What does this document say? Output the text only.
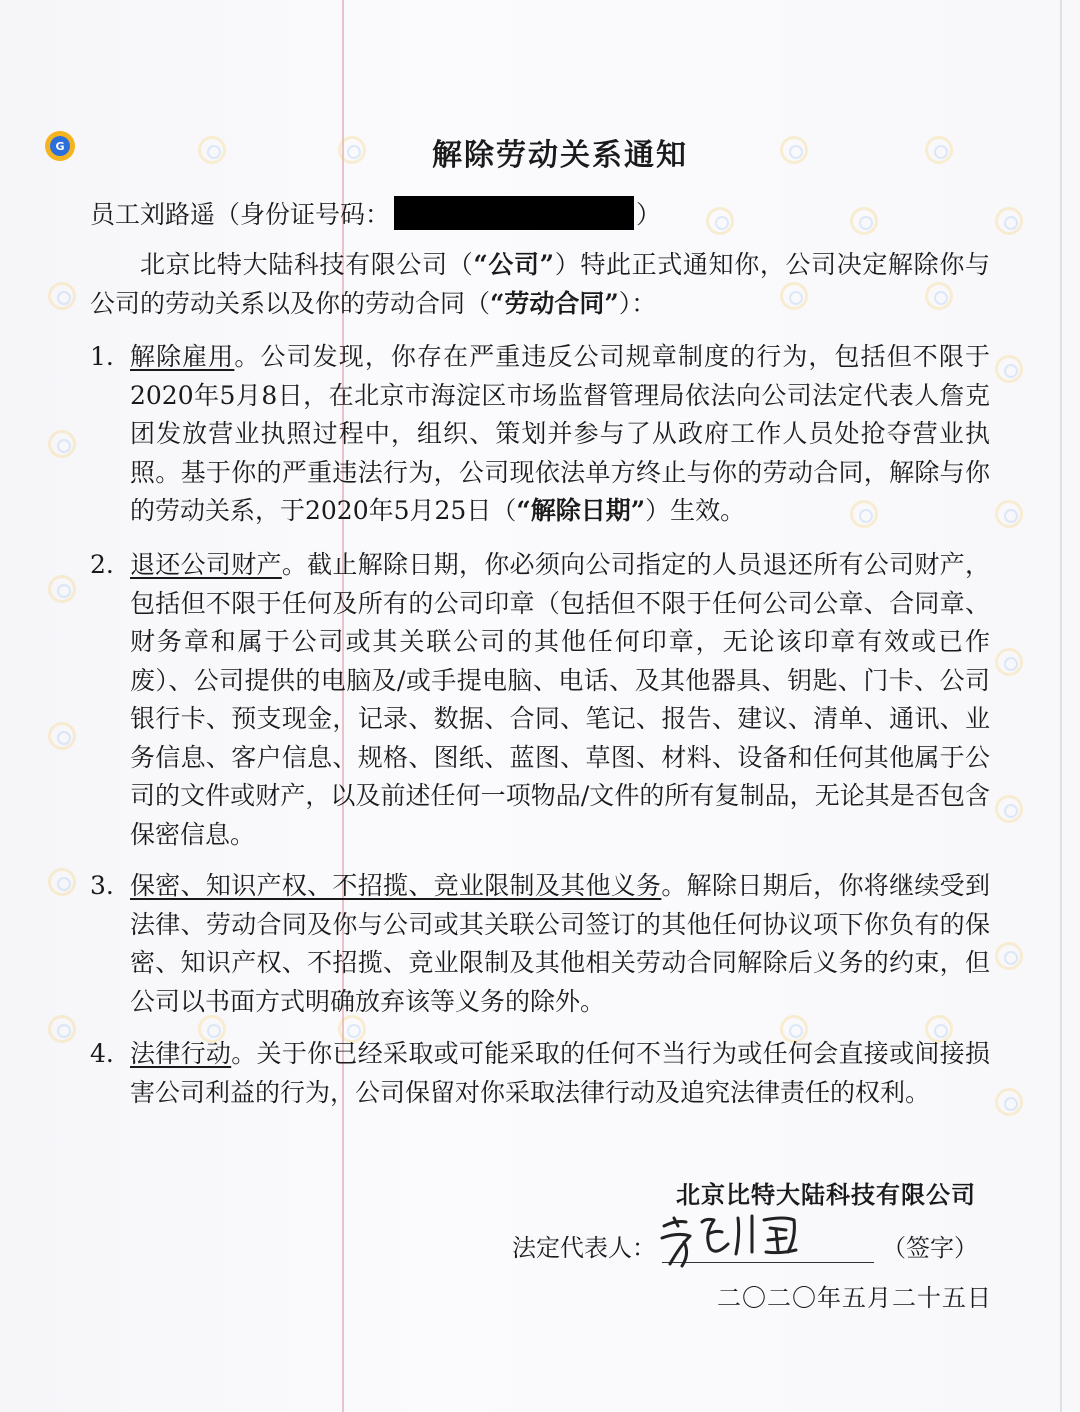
G	解除劳动关系通知
员工刘路遥（身份证号码：	）
北京比特大陆科技有限公司（“公司”）特此正式通知你，公司决定解除你与公司的劳动关系以及你的劳动合同（“劳动合同”）：
1. 解除雇用。公司发现，你存在严重违反公司规章制度的行为，包括但不限于2020年5月8日，在北京市海淀区市场监督管理局依法向公司法定代表人詹克团发放营业执照过程中，组织、策划并参与了从政府工作人员处抢夺营业执照。基于你的严重违法行为，公司现依法单方终止与你的劳动合同，解除与你的劳动关系，于2020年5月25日（“解除日期”）生效。
2. 退还公司财产。截止解除日期，你必须向公司指定的人员退还所有公司财产，包括但不限于任何及所有的公司印章（包括但不限于任何公司公章、合同章、财务章和属于公司或其关联公司的其他任何印章，无论该印章有效或已作废）、公司提供的电脑及/或手提电脑、电话、及其他器具、钥匙、门卡、公司银行卡、预支现金，记录、数据、合同、笔记、报告、建议、清单、通讯、业务信息、客户信息、规格、图纸、蓝图、草图、材料、设备和任何其他属于公司的文件或财产，以及前述任何一项物品/文件的所有复制品，无论其是否包含保密信息。
3. 保密、知识产权、不招揽、竞业限制及其他义务。解除日期后，你将继续受到法律、劳动合同及你与公司或其关联公司签订的其他任何协议项下你负有的保密、知识产权、不招揽、竞业限制及其他相关劳动合同解除后义务的约束，但公司以书面方式明确放弃该等义务的除外。
4. 法律行动。关于你已经采取或可能采取的任何不当行为或任何会直接或间接损害公司利益的行为，公司保留对你采取法律行动及追究法律责任的权利。
北京比特大陆科技有限公司
法定代表人：	（签字）
二〇二〇年五月二十五日
